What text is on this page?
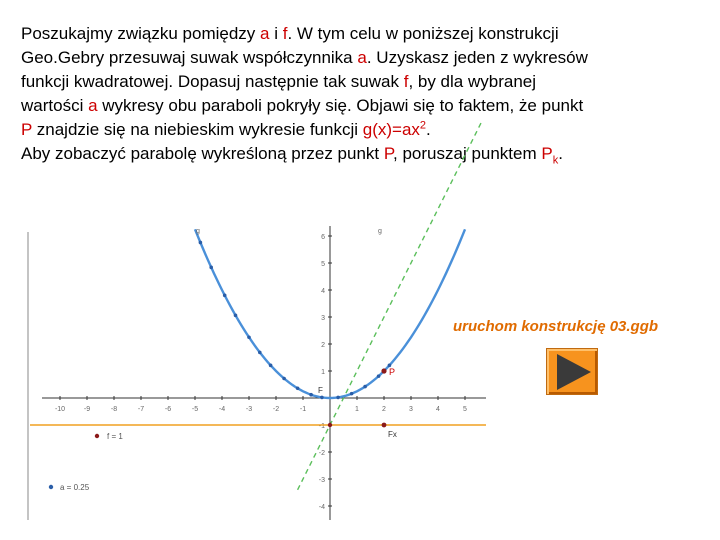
Poszukajmy związku pomiędzy a i f. W tym celu w poniższej konstrukcji
Geo.Gebry przesuwaj suwak współczynnika a. Uzyskasz jeden z wykresów
funkcji kwadratowej. Dopasuj następnie tak suwak f, by dla wybranej
wartości a wykresy obu paraboli pokryły się. Objawi się to faktem, że punkt
P znajdzie się na niebieskim wykresie funkcji $g(x)=ax^2$.
Aby zobaczyć parabolę wykreśloną przez punkt P, poruszaj punktem $P_k$.

-10	-9	-8	-7	-6	-5	-4	-3	-2	-1	1	2	3	4	5
6
5
4
3
2
1
-1
-2
-3
-4
P
Fx
F
f = 1
a = 0.25
g	g
uruchom konstrukcję 03.ggb
